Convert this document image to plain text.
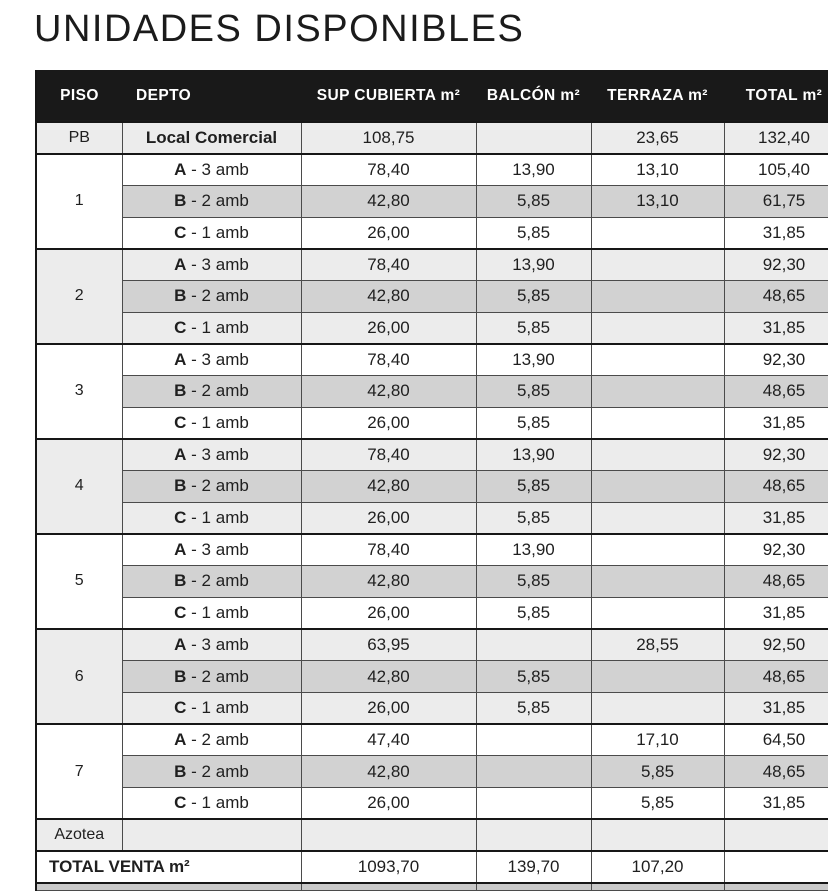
UNIDADES DISPONIBLES
PISO	DEPTO	SUP CUBIERTA m²	BALCÓN m²	TERRAZA m²	TOTAL m²
PB	Local Comercial	108,75		23,65	132,40
1	A - 3 amb	78,40	13,90	13,10	105,40
	B - 2 amb	42,80	5,85	13,10	61,75
	C - 1 amb	26,00	5,85		31,85
2	A - 3 amb	78,40	13,90		92,30
	B - 2 amb	42,80	5,85		48,65
	C - 1 amb	26,00	5,85		31,85
3	A - 3 amb	78,40	13,90		92,30
	B - 2 amb	42,80	5,85		48,65
	C - 1 amb	26,00	5,85		31,85
4	A - 3 amb	78,40	13,90		92,30
	B - 2 amb	42,80	5,85		48,65
	C - 1 amb	26,00	5,85		31,85
5	A - 3 amb	78,40	13,90		92,30
	B - 2 amb	42,80	5,85		48,65
	C - 1 amb	26,00	5,85		31,85
6	A - 3 amb	63,95		28,55	92,50
	B - 2 amb	42,80	5,85		48,65
	C - 1 amb	26,00	5,85		31,85
7	A - 2 amb	47,40		17,10	64,50
	B - 2 amb	42,80		5,85	48,65
	C - 1 amb	26,00		5,85	31,85
Azotea					
TOTAL VENTA m²		1093,70	139,70	107,20	
